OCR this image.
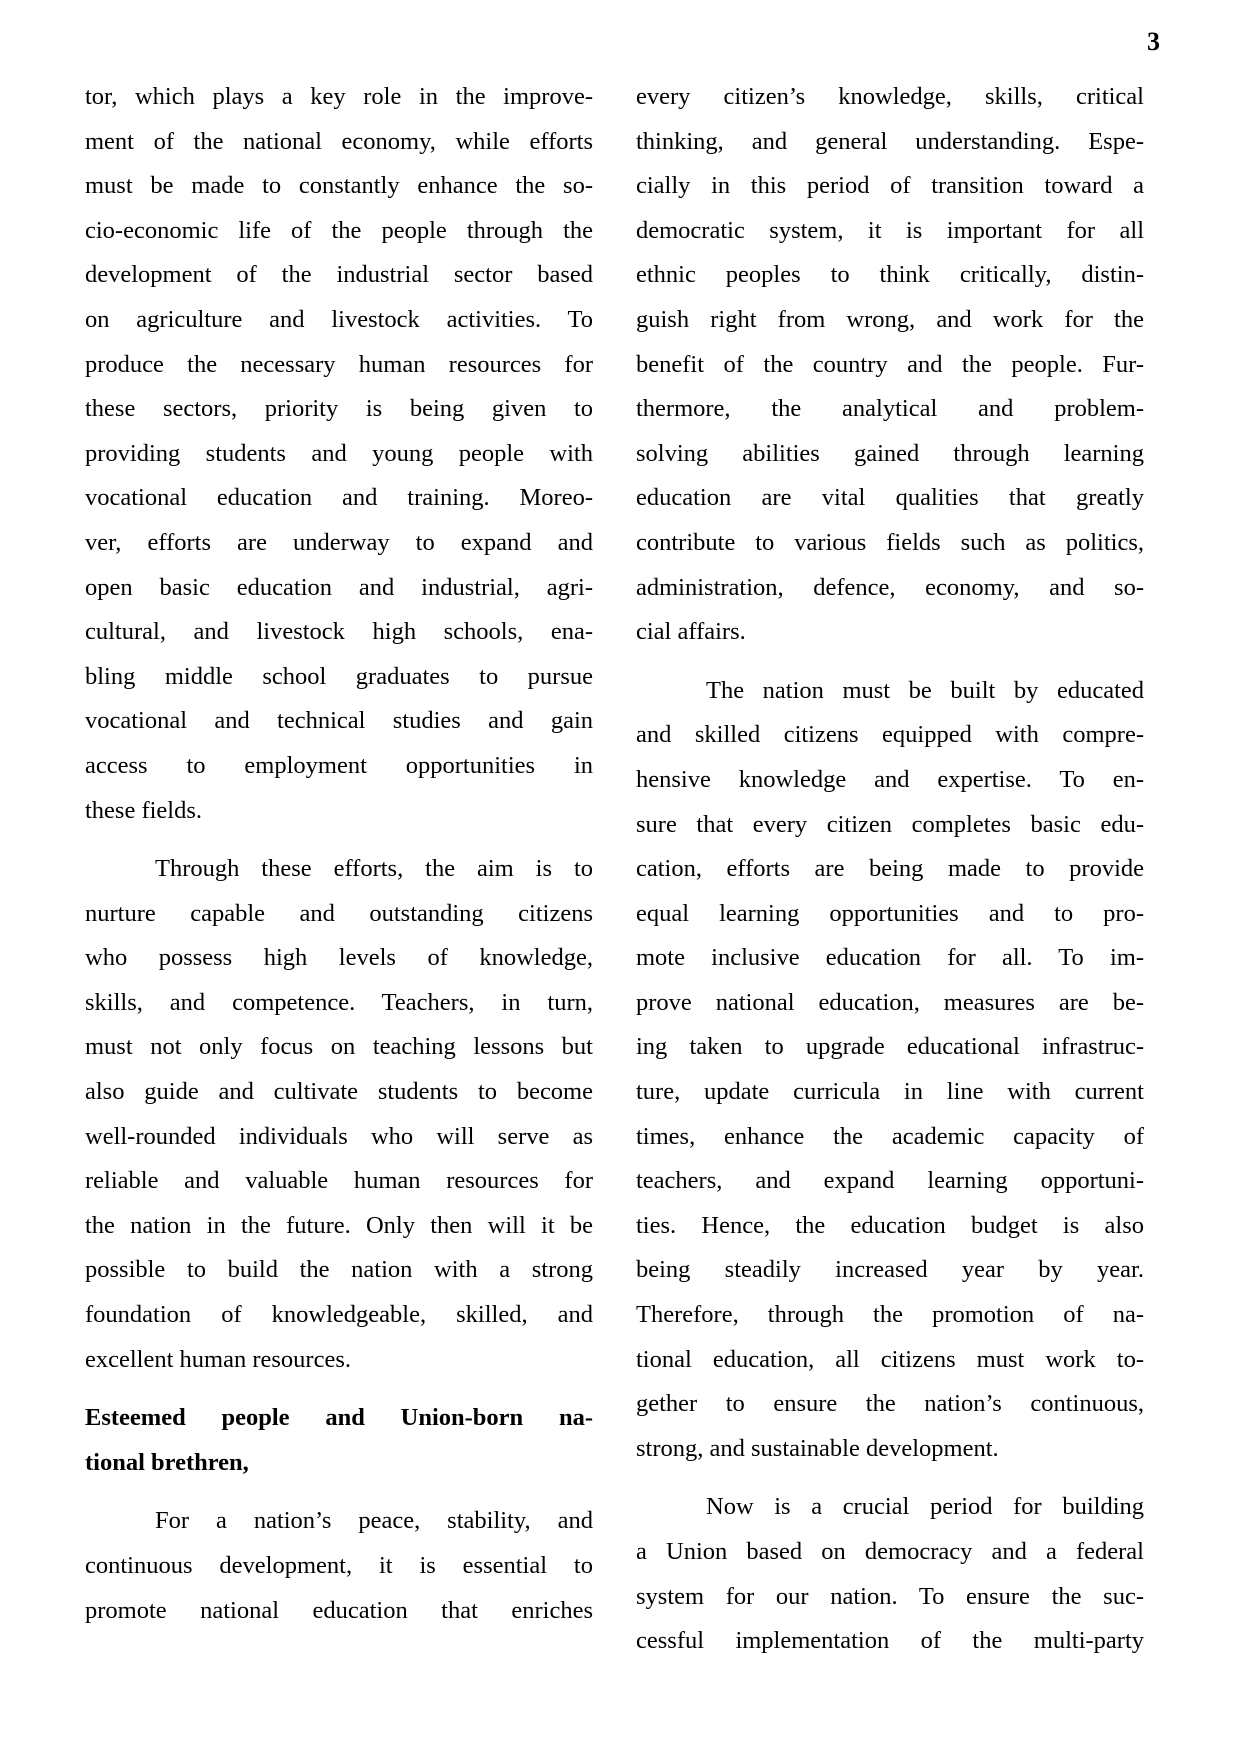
3
tor, which plays a key role in the improve-
ment of the national economy, while efforts
must be made to constantly enhance the so-
cio-economic life of the people through the
development of the industrial sector based
on agriculture and livestock activities. To
produce the necessary human resources for
these sectors, priority is being given to
providing students and young people with
vocational education and training. Moreo-
ver, efforts are underway to expand and
open basic education and industrial, agri-
cultural, and livestock high schools, ena-
bling middle school graduates to pursue
vocational and technical studies and gain
access to employment opportunities in
these fields.
Through these efforts, the aim is to
nurture capable and outstanding citizens
who possess high levels of knowledge,
skills, and competence. Teachers, in turn,
must not only focus on teaching lessons but
also guide and cultivate students to become
well-rounded individuals who will serve as
reliable and valuable human resources for
the nation in the future. Only then will it be
possible to build the nation with a strong
foundation of knowledgeable, skilled, and
excellent human resources.
Esteemed people and Union-born na-
tional brethren,
For a nation’s peace, stability, and
continuous development, it is essential to
promote national education that enriches
every citizen’s knowledge, skills, critical
thinking, and general understanding. Espe-
cially in this period of transition toward a
democratic system, it is important for all
ethnic peoples to think critically, distin-
guish right from wrong, and work for the
benefit of the country and the people. Fur-
thermore, the analytical and problem-
solving abilities gained through learning
education are vital qualities that greatly
contribute to various fields such as politics,
administration, defence, economy, and so-
cial affairs.
The nation must be built by educated
and skilled citizens equipped with compre-
hensive knowledge and expertise. To en-
sure that every citizen completes basic edu-
cation, efforts are being made to provide
equal learning opportunities and to pro-
mote inclusive education for all. To im-
prove national education, measures are be-
ing taken to upgrade educational infrastruc-
ture, update curricula in line with current
times, enhance the academic capacity of
teachers, and expand learning opportuni-
ties. Hence, the education budget is also
being steadily increased year by year.
Therefore, through the promotion of na-
tional education, all citizens must work to-
gether to ensure the nation’s continuous,
strong, and sustainable development.
Now is a crucial period for building
a Union based on democracy and a federal
system for our nation. To ensure the suc-
cessful implementation of the multi-party
